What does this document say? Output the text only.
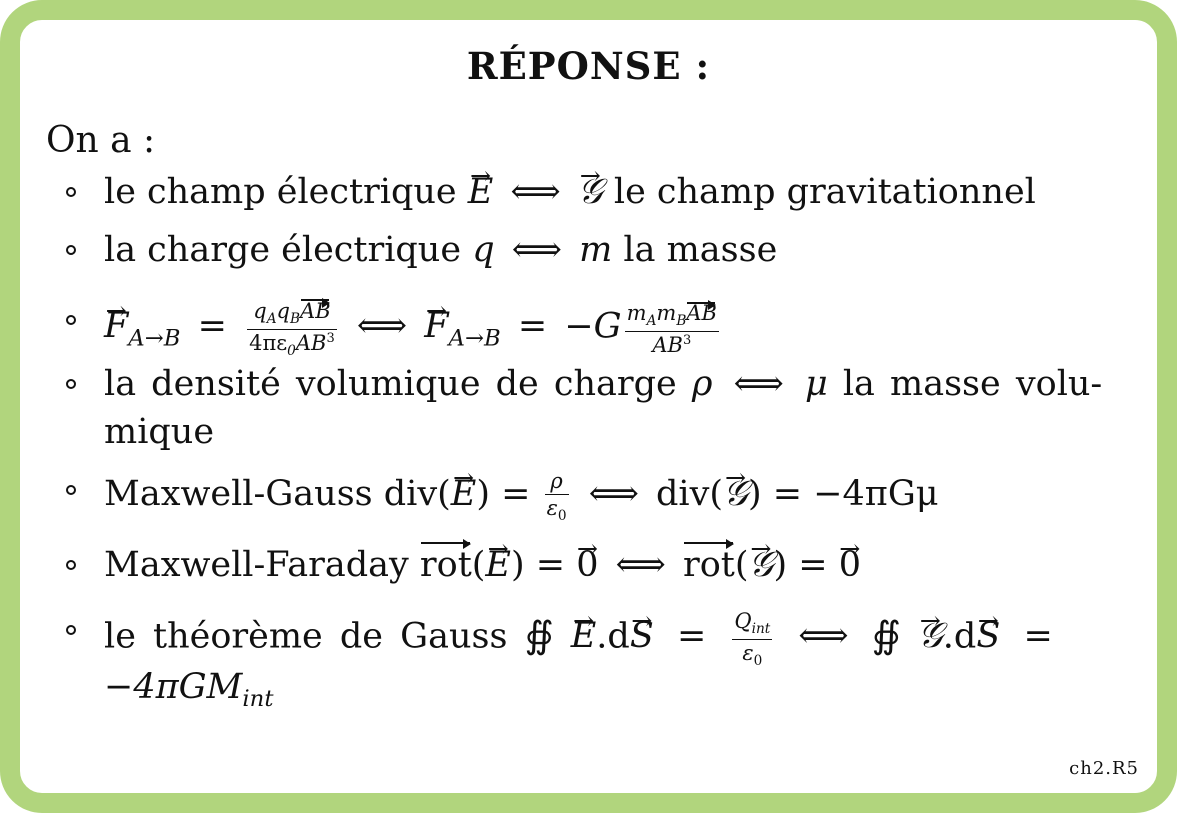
RÉPONSE :
On a :
le champ électrique → E ⟺ → 𝒢 le champ gravitationnel
la charge électrique q ⟺ m la masse
→ $F_{A\to B} = \frac{q_Aq_BAB}{4\pi\varepsilon_0AB^3}$ ⟺ → $F_{A\to B} = -G \frac{m_Am_BAB}{AB^3}$
la densité volumique de charge ρ ⟺ μ la masse volu-
mique
Maxwell-Gauss $div(\to E) = \frac{\rho}{\varepsilon_0}$ ⟺ div(→ 𝒢) = −4πGμ
Maxwell-Faraday rot(→ E) = → 0 ⟺ rot(→ 𝒢) = → 0
le théorème de Gauss ∯ → $E.d\to S = \frac{Q_{int}}{\varepsilon_0}$ ⟺ ∯ → 𝒢.d→ S =
−4πGM$_{int}$
ch2.R5
